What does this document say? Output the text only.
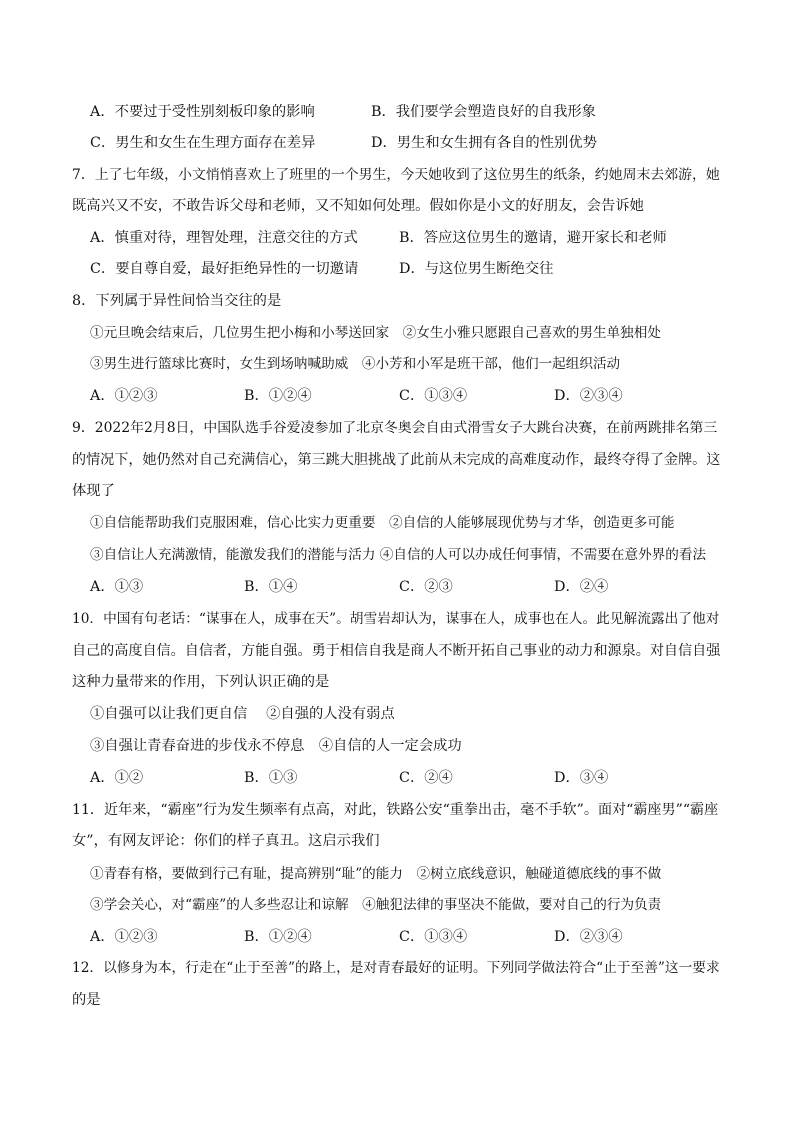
A．不要过于受性别刻板印象的影响	B．我们要学会塑造良好的自我形象
C．男生和女生在生理方面存在差异	D．男生和女生拥有各自的性别优势
7．上了七年级，小文悄悄喜欢上了班里的一个男生，今天她收到了这位男生的纸条，约她周末去郊游，她
既高兴又不安，不敢告诉父母和老师，又不知如何处理。假如你是小文的好朋友，会告诉她
A．慎重对待，理智处理，注意交往的方式	B．答应这位男生的邀请，避开家长和老师
C．要自尊自爱，最好拒绝异性的一切邀请	D．与这位男生断绝交往
8．下列属于异性间恰当交往的是
①元旦晚会结束后，几位男生把小梅和小琴送回家　②女生小雅只愿跟自己喜欢的男生单独相处
③男生进行篮球比赛时，女生到场呐喊助威　④小芳和小军是班干部，他们一起组织活动
A．①②③	B．①②④	C．①③④	D．②③④
9．2022年2月8日，中国队选手谷爱凌参加了北京冬奥会自由式滑雪女子大跳台决赛，在前两跳排名第三
的情况下，她仍然对自己充满信心，第三跳大胆挑战了此前从未完成的高难度动作，最终夺得了金牌。这
体现了
①自信能帮助我们克服困难，信心比实力更重要　②自信的人能够展现优势与才华，创造更多可能
③自信让人充满激情，能激发我们的潜能与活力 ④自信的人可以办成任何事情，不需要在意外界的看法
A．①③	B．①④	C．②③	D．②④
10．中国有句老话：“谋事在人，成事在天”。胡雪岩却认为，谋事在人，成事也在人。此见解流露出了他对
自己的高度自信。自信者，方能自强。勇于相信自我是商人不断开拓自己事业的动力和源泉。对自信自强
这种力量带来的作用，下列认识正确的是
①自强可以让我们更自信　 ②自强的人没有弱点
③自强让青春奋进的步伐永不停息　④自信的人一定会成功
A．①②	B．①③	C．②④	D．③④
11．近年来，“霸座”行为发生频率有点高，对此，铁路公安“重拳出击，毫不手软”。面对“霸座男”“霸座
女”，有网友评论：你们的样子真丑。这启示我们
①青春有格，要做到行己有耻，提高辨别“耻”的能力　②树立底线意识，触碰道德底线的事不做
③学会关心，对“霸座”的人多些忍让和谅解　④触犯法律的事坚决不能做，要对自己的行为负责
A．①②③	B．①②④	C．①③④	D．②③④
12．以修身为本，行走在“止于至善”的路上，是对青春最好的证明。下列同学做法符合“止于至善”这一要求
的是
